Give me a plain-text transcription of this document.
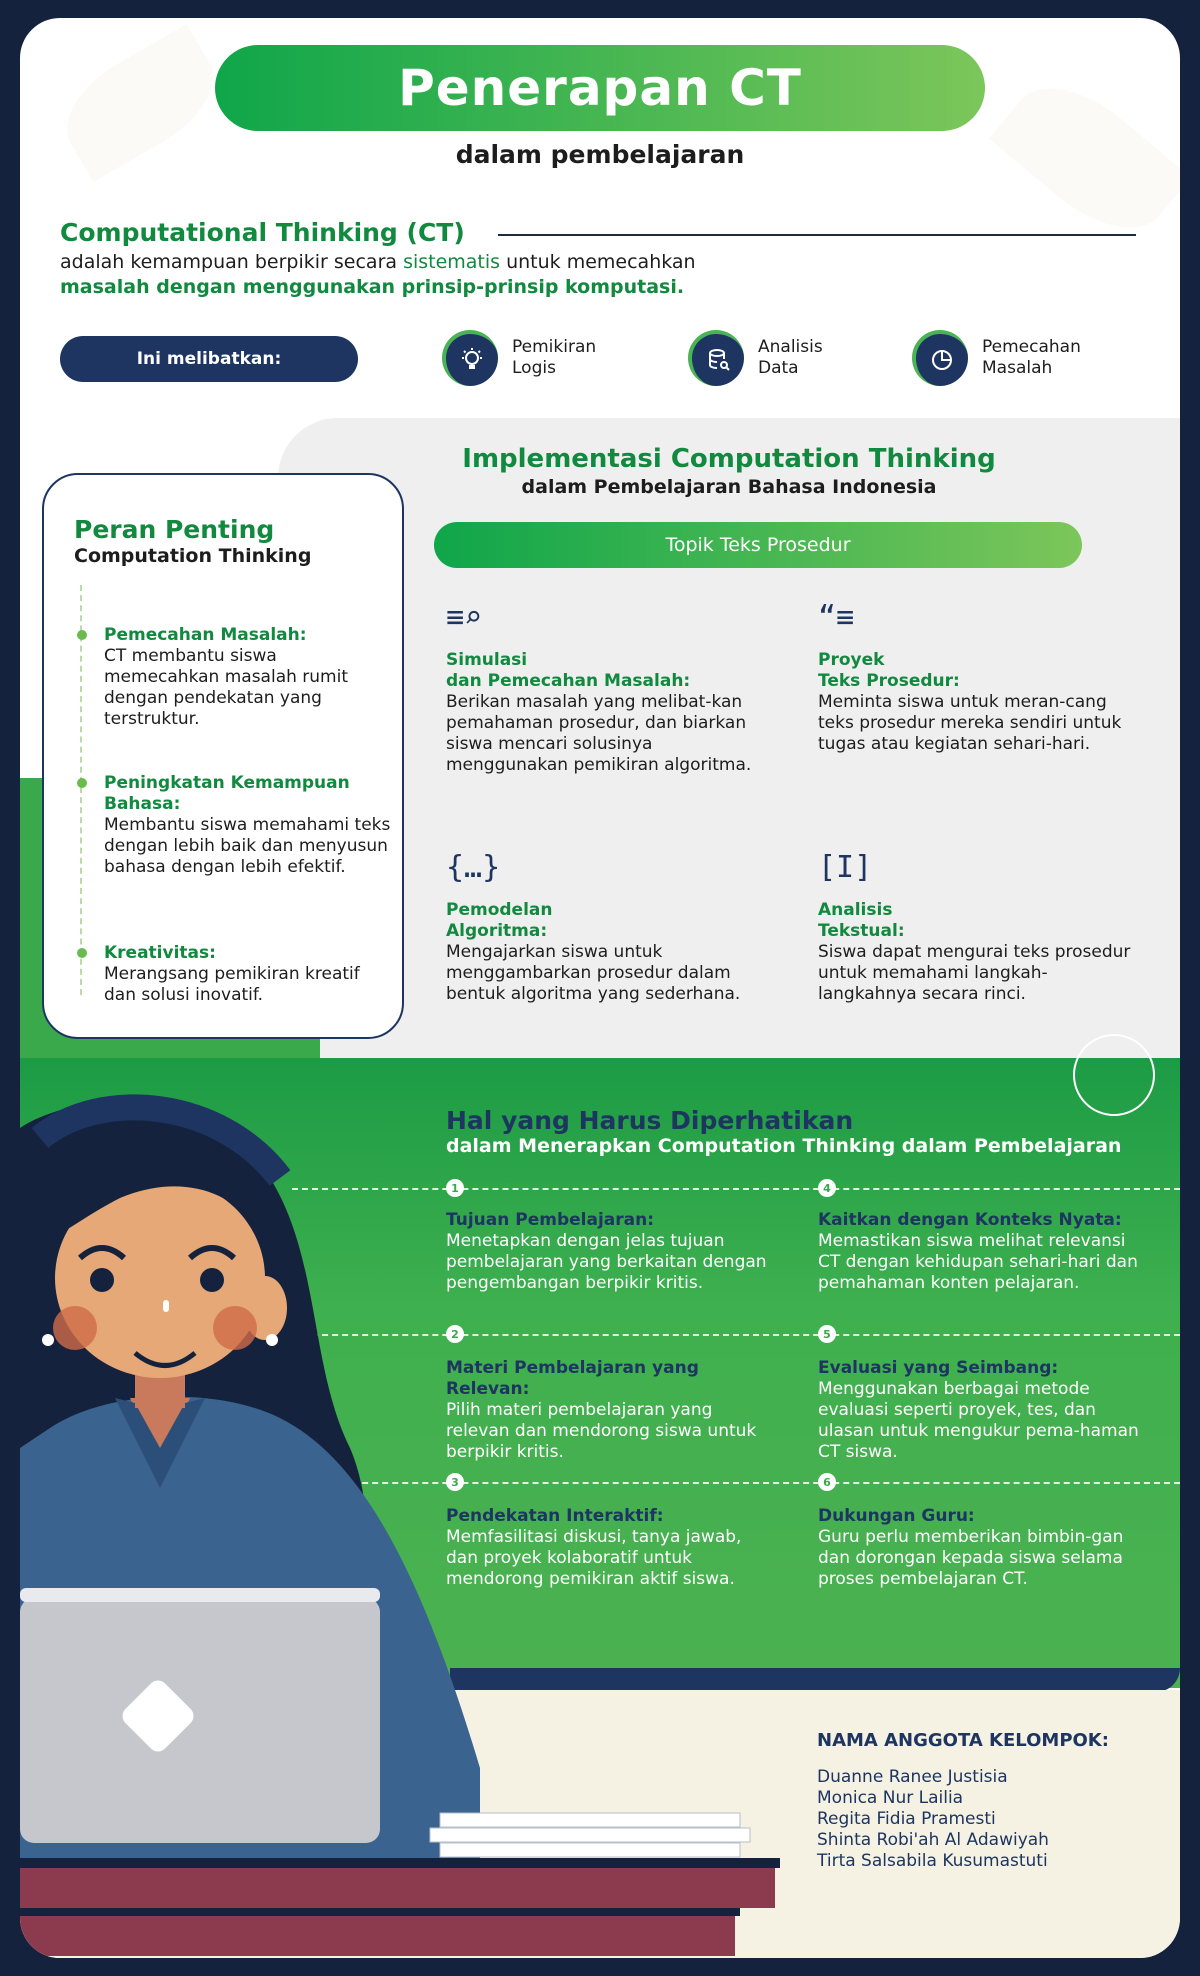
Penerapan CT
dalam pembelajaran
Computational Thinking (CT)
adalah kemampuan berpikir secara sistematis untuk memecahkan
masalah dengan menggunakan prinsip-prinsip komputasi.
Ini melibatkan:
Pemikiran
Logis
Analisis
Data
Pemecahan
Masalah
Implementasi Computation Thinking
dalam Pembelajaran Bahasa Indonesia
Topik Teks Prosedur
≡⌕
Simulasi
dan Pemecahan Masalah:
Berikan masalah yang melibat-kan pemahaman prosedur, dan biarkan siswa mencari solusinya menggunakan pemikiran algoritma.
“≡
Proyek
Teks Prosedur:
Meminta siswa untuk meran-cang teks prosedur mereka sendiri untuk tugas atau kegiatan sehari-hari.
{…}
Pemodelan
Algoritma:
Mengajarkan siswa untuk menggambarkan prosedur dalam bentuk algoritma yang sederhana.
[I]
Analisis
Tekstual:
Siswa dapat mengurai teks prosedur untuk memahami langkah-langkahnya secara rinci.
Peran Penting
Computation Thinking
Pemecahan Masalah:
CT membantu siswa memecahkan masalah rumit dengan pendekatan yang terstruktur.
Peningkatan Kemampuan Bahasa:
Membantu siswa memahami teks dengan lebih baik dan menyusun bahasa dengan lebih efektif.
Kreativitas:
Merangsang pemikiran kreatif dan solusi inovatif.
Hal yang Harus Diperhatikan
dalam Menerapkan Computation Thinking dalam Pembelajaran
1	4
2	5
3	6
Tujuan Pembelajaran:
Menetapkan dengan jelas tujuan pembelajaran yang berkaitan dengan pengembangan berpikir kritis.
Materi Pembelajaran yang Relevan:
Pilih materi pembelajaran yang relevan dan mendorong siswa untuk berpikir kritis.
Pendekatan Interaktif:
Memfasilitasi diskusi, tanya jawab, dan proyek kolaboratif untuk mendorong pemikiran aktif siswa.
Kaitkan dengan Konteks Nyata:
Memastikan siswa melihat relevansi CT dengan kehidupan sehari-hari dan pemahaman konten pelajaran.
Evaluasi yang Seimbang:
Menggunakan berbagai metode evaluasi seperti proyek, tes, dan ulasan untuk mengukur pema-haman CT siswa.
Dukungan Guru:
Guru perlu memberikan bimbin-gan dan dorongan kepada siswa selama proses pembelajaran CT.
NAMA ANGGOTA KELOMPOK:
Duanne Ranee Justisia
Monica Nur Lailia
Regita Fidia Pramesti
Shinta Robi'ah Al Adawiyah
Tirta Salsabila Kusumastuti
